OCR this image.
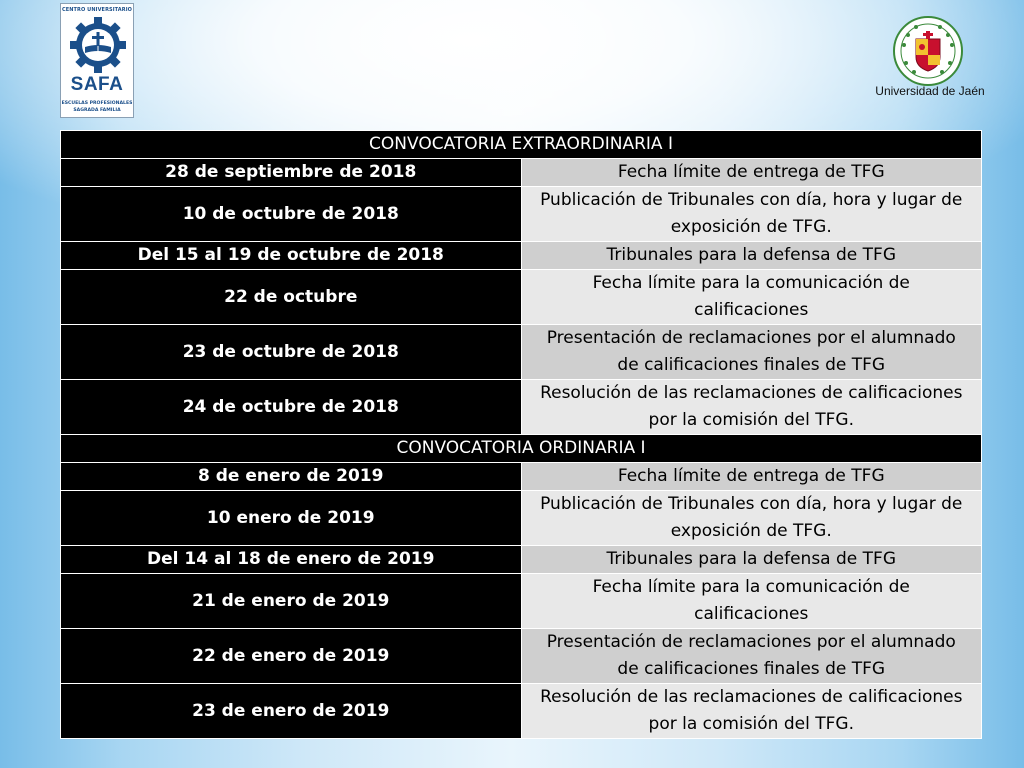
CENTRO UNIVERSITARIO
SAFA
ESCUELAS PROFESIONALES
SAGRADA FAMILIA
Universidad de Jaén
CONVOCATORIA EXTRAORDINARIA I	
28 de septiembre de 2018	Fecha límite de entrega de TFG

10 de octubre de 2018	Publicación de Tribunales con día, hora y lugar de
exposición de TFG.

Del 15 al 19 de octubre de 2018	Tribunales para la defensa de TFG

22 de octubre	Fecha límite para la comunicación de
calificaciones

23 de octubre de 2018	Presentación de reclamaciones por el alumnado
de calificaciones finales de TFG

24 de octubre de 2018	Resolución de las reclamaciones de calificaciones
por la comisión del TFG.

CONVOCATORIA ORDINARIA I	
8 de enero de 2019	Fecha límite de entrega de TFG

10 enero de 2019	Publicación de Tribunales con día, hora y lugar de
exposición de TFG.

Del 14 al 18 de enero de 2019	Tribunales para la defensa de TFG

21 de enero de 2019	Fecha límite para la comunicación de
calificaciones

22 de enero de 2019	Presentación de reclamaciones por el alumnado
de calificaciones finales de TFG

23 de enero de 2019	Resolución de las reclamaciones de calificaciones
por la comisión del TFG.
